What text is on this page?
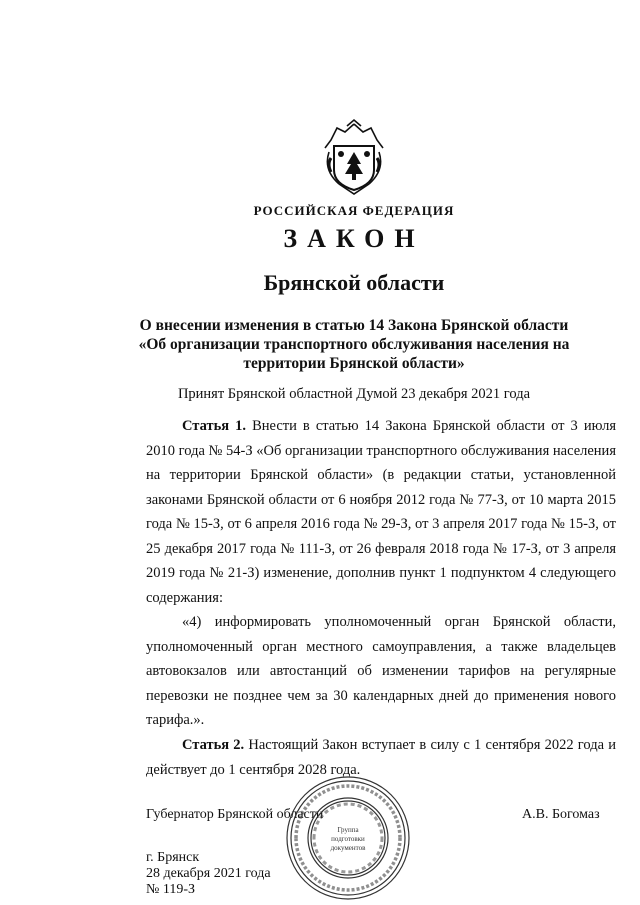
РОССИЙСКАЯ ФЕДЕРАЦИЯ
ЗАКОН
Брянской области
О внесении изменения в статью 14 Закона Брянской области
«Об организации транспортного обслуживания населения на
территории Брянской области»
Принят Брянской областной Думой 23 декабря 2021 года
Статья 1. Внести в статью 14 Закона Брянской области от 3 июля 2010 года № 54-З «Об организации транспортного обслуживания населения на территории Брянской области» (в редакции статьи, установленной законами Брянской области от 6 ноября 2012 года № 77-З, от 10 марта 2015 года № 15-З, от 6 апреля 2016 года № 29-З, от 3 апреля 2017 года № 15-З, от 25 декабря 2017 года № 111-З, от 26 февраля 2018 года № 17-З, от 3 апреля 2019 года № 21-З) изменение, дополнив пункт 1 подпунктом 4 следующего содержания:
«4) информировать уполномоченный орган Брянской области, уполномоченный орган местного самоуправления, а также владельцев автовокзалов или автостанций об изменении тарифов на регулярные перевозки не позднее чем за 30 календарных дней до применения нового тарифа.».
Статья 2. Настоящий Закон вступает в силу с 1 сентября 2022 года и действует до 1 сентября 2028 года.
Губернатор Брянской области	А.В. Богомаз
Группа
подготовки
документов
г. Брянск
28 декабря 2021 года
№ 119-З
